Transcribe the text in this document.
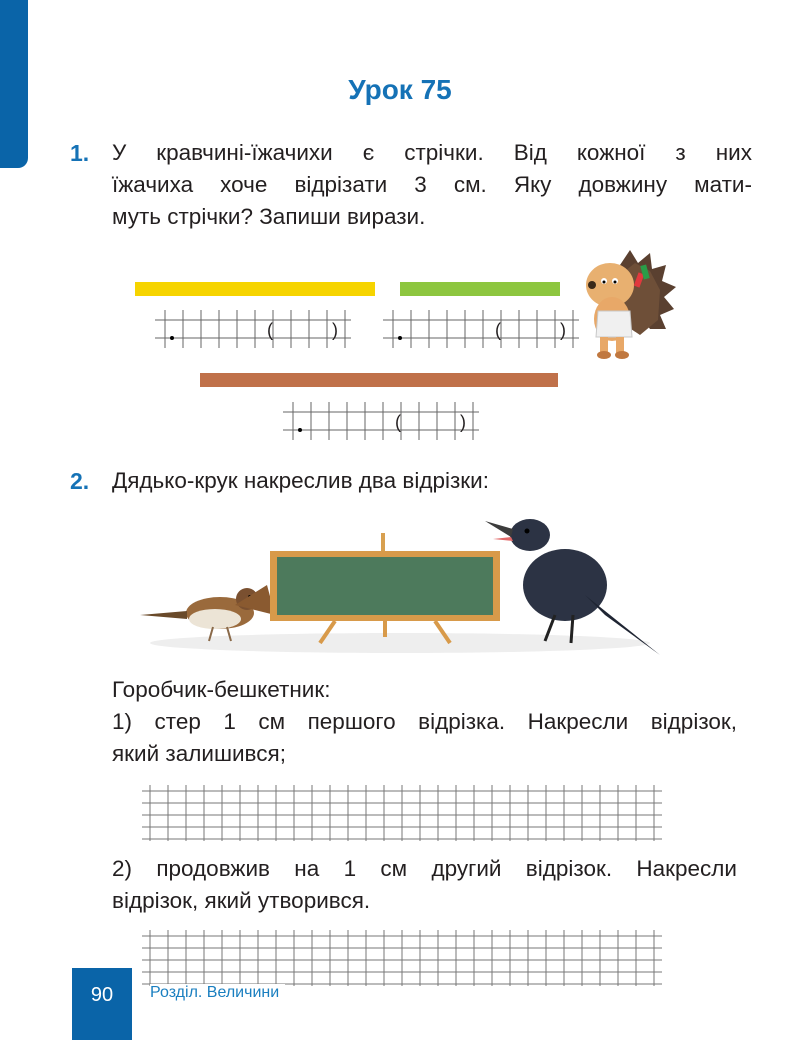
Урок 75
1. У кравчині-їжачихи є стрічки. Від кожної з них
їжачиха хоче відрізати 3 см. Яку довжину мати-
муть стрічки? Запиши вирази.
(	)	(	)
(	)
2. Дядько-крук накреслив два відрізки:
Горобчик-бешкетник:
1) стер 1 см першого відрізка. Накресли відрізок,
який залишився;
2) продовжив на 1 см другий відрізок. Накресли
відрізок, який утворився.
90	Розділ. Величини
